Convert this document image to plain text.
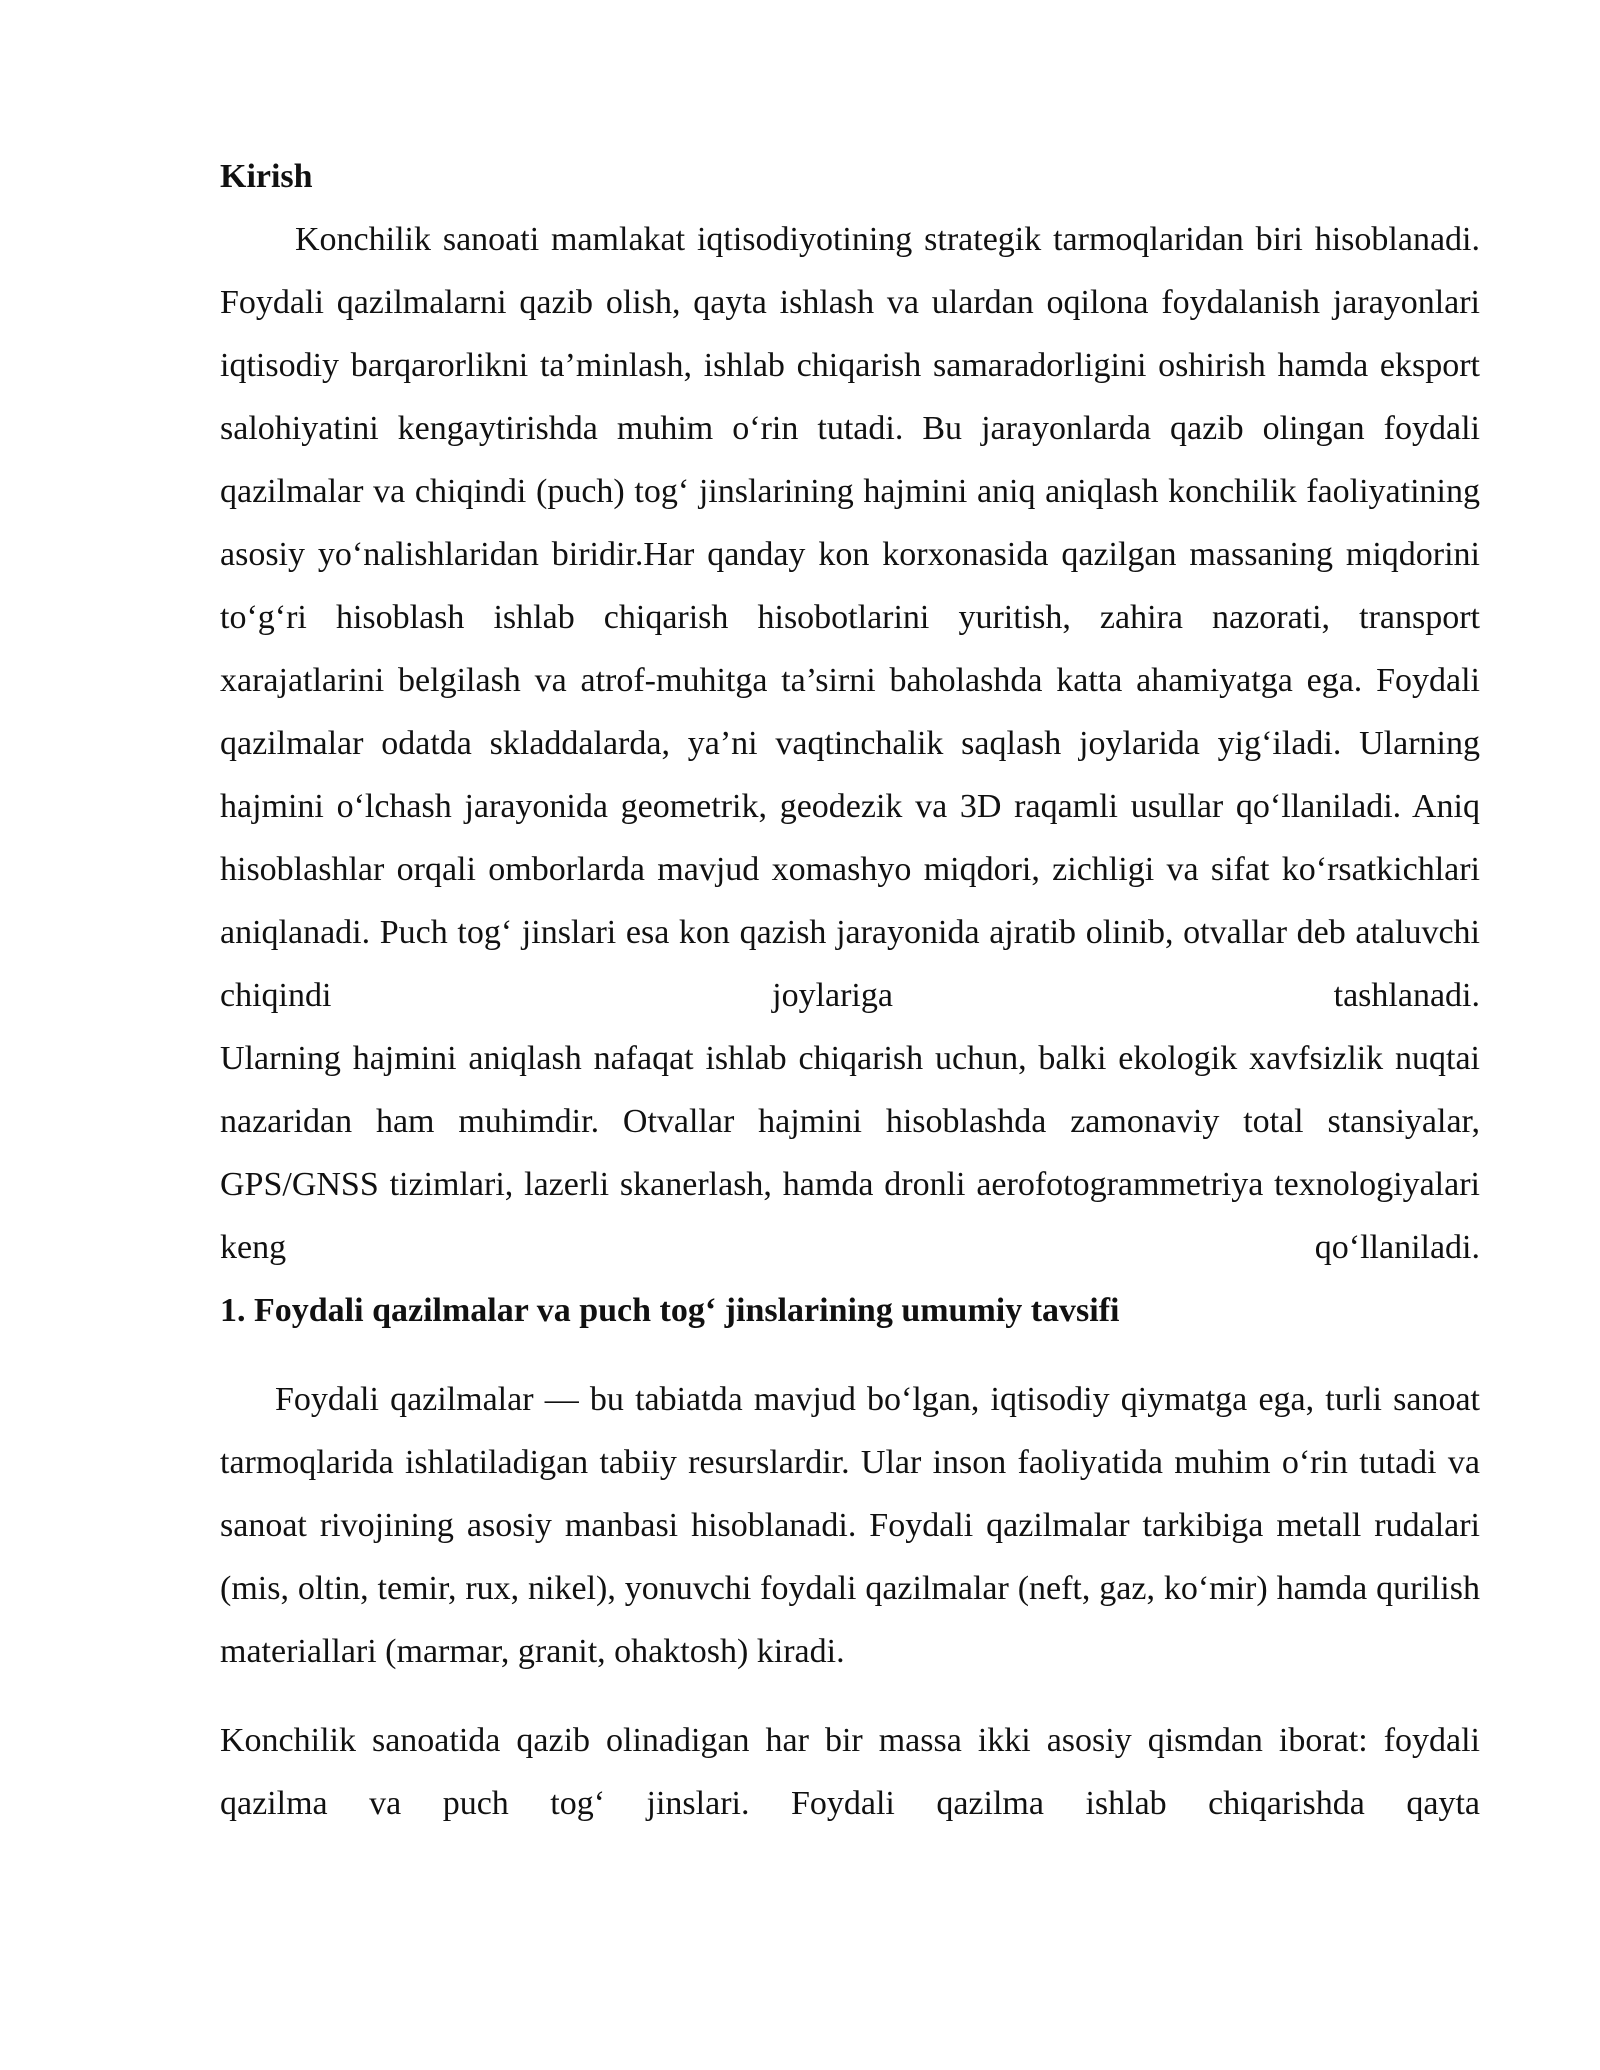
Kirish

Konchilik sanoati mamlakat iqtisodiyotining strategik tarmoqlaridan biri hisoblanadi. Foydali qazilmalarni qazib olish, qayta ishlash va ulardan oqilona foydalanish jarayonlari iqtisodiy barqarorlikni ta’minlash, ishlab chiqarish samaradorligini oshirish hamda eksport salohiyatini kengaytirishda muhim o‘rin tutadi. Bu jarayonlarda qazib olingan foydali qazilmalar va chiqindi (puch) tog‘ jinslarining hajmini aniq aniqlash konchilik faoliyatining asosiy yo‘nalishlaridan biridir.Har qanday kon korxonasida qazilgan massaning miqdorini to‘g‘ri hisoblash ishlab chiqarish hisobotlarini yuritish, zahira nazorati, transport xarajatlarini belgilash va atrof-muhitga ta’sirni baholashda katta ahamiyatga ega. Foydali qazilmalar odatda skladdalarda, ya’ni vaqtinchalik saqlash joylarida yig‘iladi. Ularning hajmini o‘lchash jarayonida geometrik, geodezik va 3D raqamli usullar qo‘llaniladi. Aniq hisoblashlar orqali omborlarda mavjud xomashyo miqdori, zichligi va sifat ko‘rsatkichlari aniqlanadi. Puch tog‘ jinslari esa kon qazish jarayonida ajratib olinib, otvallar deb ataluvchi chiqindi joylariga tashlanadi.

Ularning hajmini aniqlash nafaqat ishlab chiqarish uchun, balki ekologik xavfsizlik nuqtai nazaridan ham muhimdir. Otvallar hajmini hisoblashda zamonaviy total stansiyalar, GPS/GNSS tizimlari, lazerli skanerlash, hamda dronli aerofotogrammetriya texnologiyalari keng qo‘llaniladi.

1. Foydali qazilmalar va puch tog‘ jinslarining umumiy tavsifi

Foydali qazilmalar — bu tabiatda mavjud bo‘lgan, iqtisodiy qiymatga ega, turli sanoat tarmoqlarida ishlatiladigan tabiiy resurslardir. Ular inson faoliyatida muhim o‘rin tutadi va sanoat rivojining asosiy manbasi hisoblanadi. Foydali qazilmalar tarkibiga metall rudalari (mis, oltin, temir, rux, nikel), yonuvchi foydali qazilmalar (neft, gaz, ko‘mir) hamda qurilish materiallari (marmar, granit, ohaktosh) kiradi.

Konchilik sanoatida qazib olinadigan har bir massa ikki asosiy qismdan iborat: foydali qazilma va puch tog‘ jinslari. Foydali qazilma ishlab chiqarishda qayta
